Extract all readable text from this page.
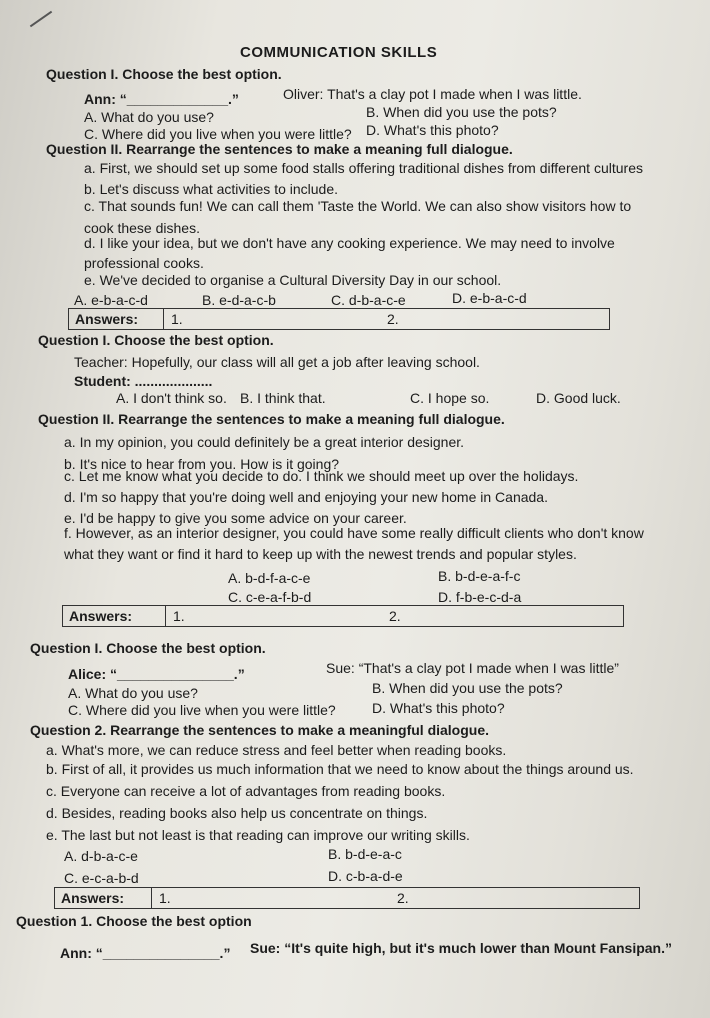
COMMUNICATION SKILLS
Question I. Choose the best option.
Ann: “_____________.”	Oliver: That's a clay pot I made when I was little.
A. What do you use?	B. When did you use the pots?
C. Where did you live when you were little? D. What's this photo?
Question II. Rearrange the sentences to make a meaning full dialogue.
a. First, we should set up some food stalls offering traditional dishes from different cultures
b. Let's discuss what activities to include.
c. That sounds fun! We can call them 'Taste the World. We can also show visitors how to
cook these dishes.
d. I like your idea, but we don't have any cooking experience. We may need to involve
professional cooks.
e. We've decided to organise a Cultural Diversity Day in our school.
A. e-b-a-c-d	B. e-d-a-c-b	C. d-b-a-c-e	D. e-b-a-c-d
Answers: 1.	2.
Question I. Choose the best option.
Teacher: Hopefully, our class will all get a job after leaving school.
Student: ....................
A. I don't think so. B. I think that.	C. I hope so.	D. Good luck.
Question II. Rearrange the sentences to make a meaning full dialogue.
a. In my opinion, you could definitely be a great interior designer.
b. It's nice to hear from you. How is it going?
c. Let me know what you decide to do. I think we should meet up over the holidays.
d. I'm so happy that you're doing well and enjoying your new home in Canada.
e. I'd be happy to give you some advice on your career.
f. However, as an interior designer, you could have some really difficult clients who don't know
what they want or find it hard to keep up with the newest trends and popular styles.
A. b-d-f-a-c-e	B. b-d-e-a-f-c
C. c-e-a-f-b-d	D. f-b-e-c-d-a
Answers:	1.	2.
Question I. Choose the best option.
Alice: “_______________.”	Sue: “That's a clay pot I made when I was little”
A. What do you use?	B. When did you use the pots?
C. Where did you live when you were little?	D. What's this photo?
Question 2. Rearrange the sentences to make a meaningful dialogue.
a. What's more, we can reduce stress and feel better when reading books.
b. First of all, it provides us much information that we need to know about the things around us.
c. Everyone can receive a lot of advantages from reading books.
d. Besides, reading books also help us concentrate on things.
e. The last but not least is that reading can improve our writing skills.
A. d-b-a-c-e	B. b-d-e-a-c
C. e-c-a-b-d	D. c-b-a-d-e
Answers: 1.	2.
Question 1. Choose the best option
Ann: “_______________.” Sue: “It's quite high, but it's much lower than Mount Fansipan.”
